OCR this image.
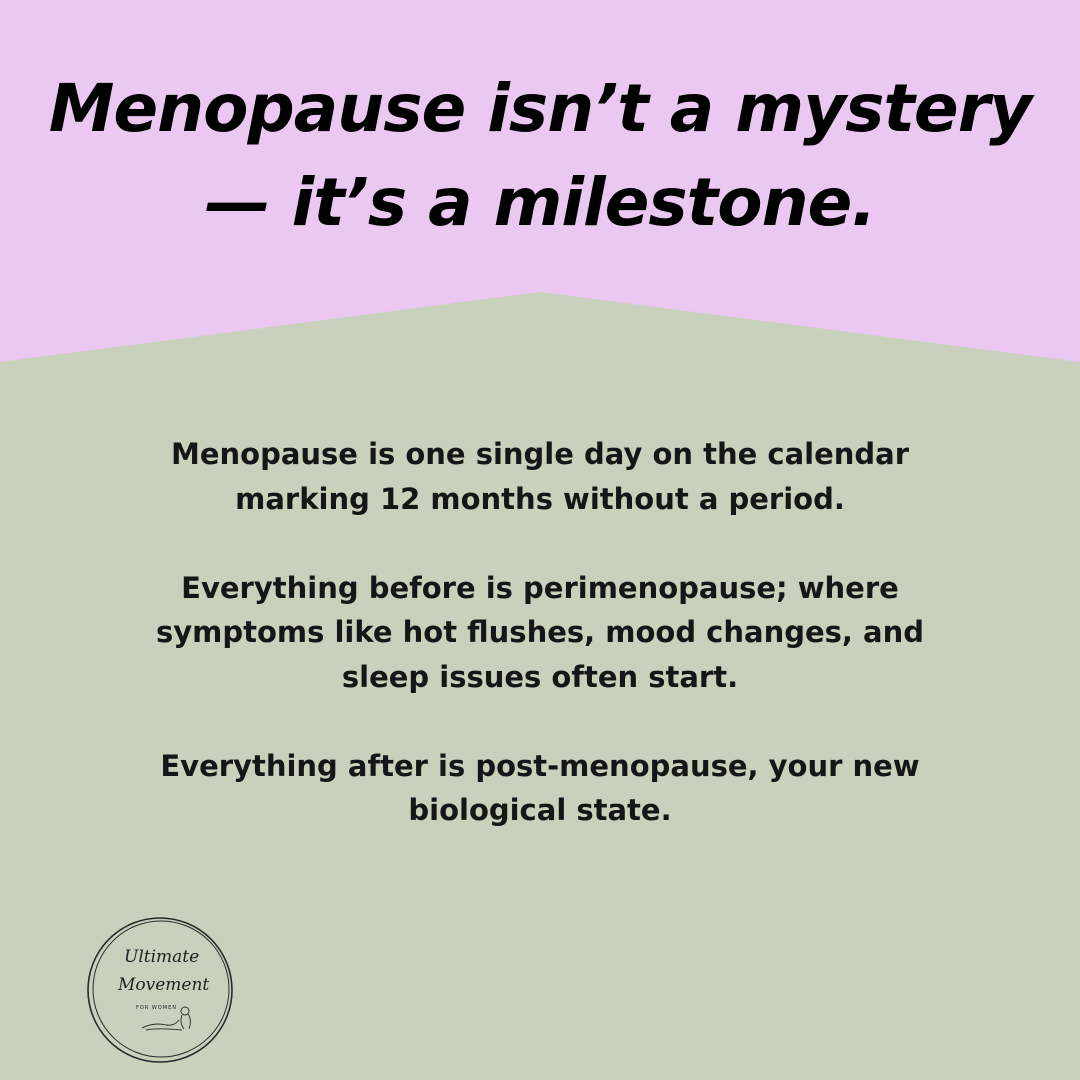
Menopause isn’t a mystery
— it’s a milestone.

Menopause is one single day on the calendar
marking 12 months without a period.

Everything before is perimenopause; where
symptoms like hot flushes, mood changes, and
sleep issues often start.

Everything after is post-menopause, your new
biological state.

Ultimate
Movement
FOR WOMEN
